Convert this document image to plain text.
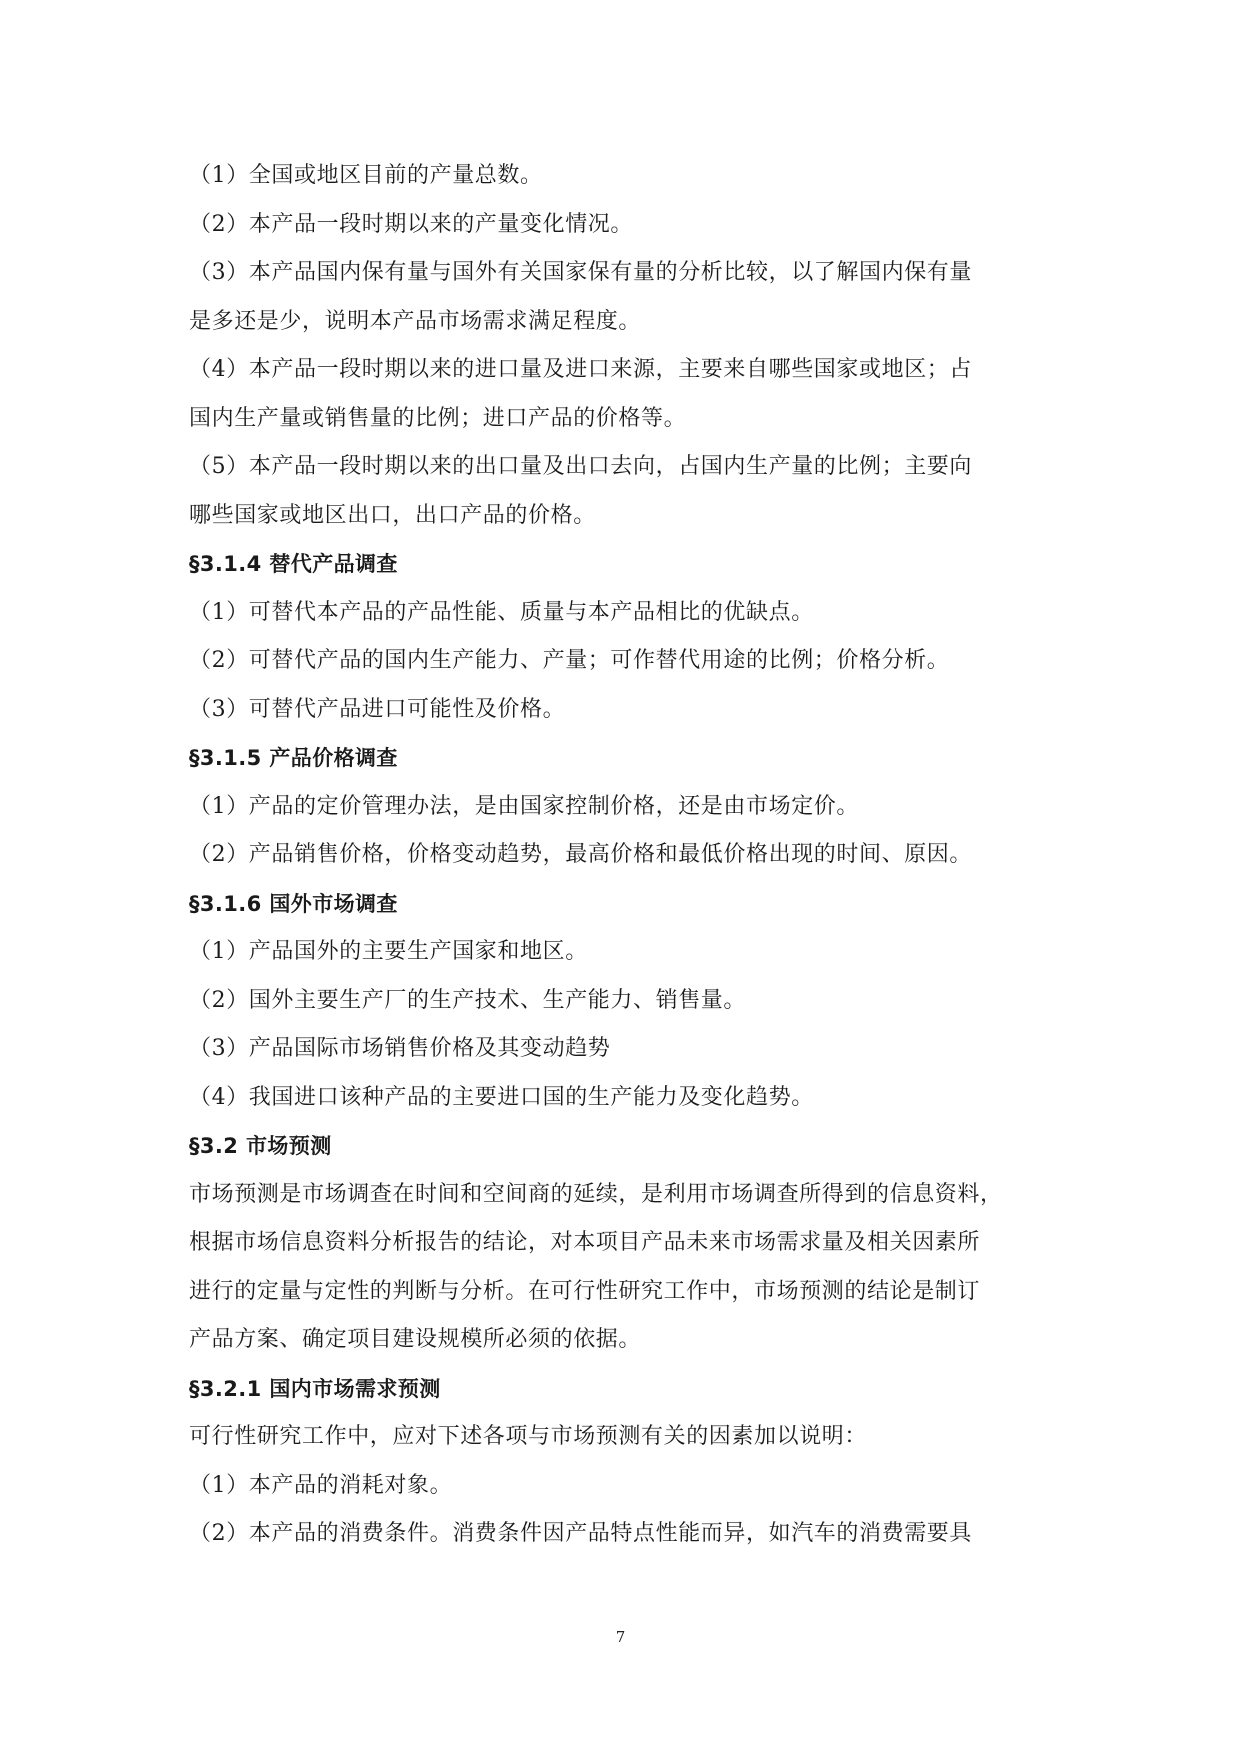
（1）全国或地区目前的产量总数。
（2）本产品一段时期以来的产量变化情况。
（3）本产品国内保有量与国外有关国家保有量的分析比较，以了解国内保有量
是多还是少，说明本产品市场需求满足程度。
（4）本产品一段时期以来的进口量及进口来源，主要来自哪些国家或地区；占
国内生产量或销售量的比例；进口产品的价格等。
（5）本产品一段时期以来的出口量及出口去向，占国内生产量的比例；主要向
哪些国家或地区出口，出口产品的价格。
§3.1.4 替代产品调查
（1）可替代本产品的产品性能、质量与本产品相比的优缺点。
（2）可替代产品的国内生产能力、产量；可作替代用途的比例；价格分析。
（3）可替代产品进口可能性及价格。
§3.1.5 产品价格调查
（1）产品的定价管理办法，是由国家控制价格，还是由市场定价。
（2）产品销售价格，价格变动趋势，最高价格和最低价格出现的时间、原因。
§3.1.6 国外市场调查
（1）产品国外的主要生产国家和地区。
（2）国外主要生产厂的生产技术、生产能力、销售量。
（3）产品国际市场销售价格及其变动趋势
（4）我国进口该种产品的主要进口国的生产能力及变化趋势。
§3.2 市场预测
市场预测是市场调查在时间和空间商的延续，是利用市场调查所得到的信息资料，
根据市场信息资料分析报告的结论，对本项目产品未来市场需求量及相关因素所
进行的定量与定性的判断与分析。在可行性研究工作中，市场预测的结论是制订
产品方案、确定项目建设规模所必须的依据。
§3.2.1 国内市场需求预测
可行性研究工作中，应对下述各项与市场预测有关的因素加以说明：
（1）本产品的消耗对象。
（2）本产品的消费条件。消费条件因产品特点性能而异，如汽车的消费需要具
7
